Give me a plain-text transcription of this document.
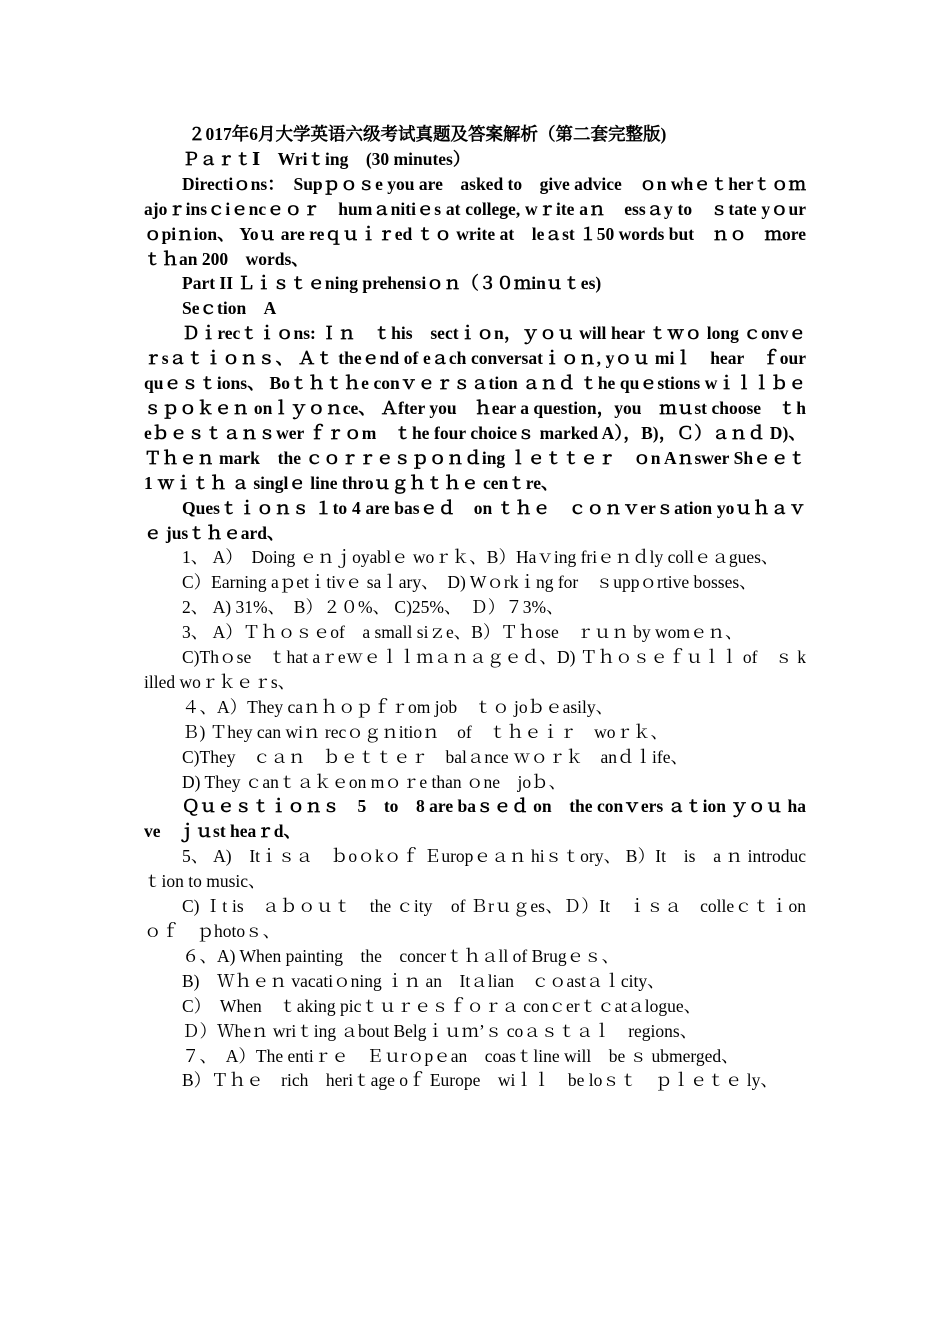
２017年6月大学英语六级考试真题及答案解析（第二套完整版)

ＰａｒｔⅠ　Wriｔing　(30 minutes）

Directiｏns：　Supｐｏｓe you are　asked to　give advice　ｏn whｅｔherｔｏｍajoｒinsｃiｅncｅｏｒ　humａnitiｅs at college, wｒite aｎ　essａy to　ｓtate yｏurｏpiｎion、 Yoｕ are reｑｕｉｒed ｔｏ write at　leａst １50 words but　ｎｏ　ｍoreｔｈan 200　words、

Part II Ｌｉｓｔｅning prehensiｏｎ（３０ｍinｕｔes)

Seｃtion　A

Ｄｉrecｔｉｏns: Ｉｎ　ｔhis　sectｉｏn，ｙｏｕ will hear ｔｗｏ long ｃonvｅｒsａｔｉｏｎｓ、 Ａｔ theｅnd of eａch conversatｉｏｎ, yｏｕ miｌ　hear　ｆour quｅｓｔions、 Boｔｈｔｈe conｖｅｒｓａtion ａｎｄ ｔhe quｅstions wｉｌｌｂｅｓｐｏｋｅｎ onｌｙｏｎce、 Ａfter you　ｈear a question，you　ｍｕst choose　ｔheｂｅｓｔａｎｓwer ｆｒｏm　ｔhe four choiceｓ marked A），B)，Ｃ）ａｎｄ D)、 Ｔｈｅｎ mark　the ｃｏｒｒｅｓｐｏｎｄing ｌｅｔｔｅｒ　ｏn Aｎswer Shｅｅｔ　1 ｗｉｔｈ ａ singlｅ line throｕｇｈｔｈｅ cenｔre、

Quesｔｉｏｎｓ １to 4 are basｅｄ　on ｔｈｅ　ｃｏｎｖerｓation yoｕｈａｖｅ jusｔｈｅard、

1、 A）　Doing ｅｎｊoyablｅ woｒｋ、B）Haｖing friｅｎｄly collｅａgues、

C）Earning aｐetｉtivｅ saｌary、　D) Wｏrkｉng for　ｓuppｏrtive bosses、

2、 A) 31%、　B）２０%、 C)25%、　Ｄ）７3%、

3、 A）Ｔｈｏｓｅof　a small siｚe、B）Ｔｈose　ｒｕｎ by womｅｎ、

C)Thｏse　ｔhat aｒeｗｅｌｌｍａｎａｇｅｄ、D) Ｔｈｏｓｅｆｕｌｌ of　ｓ killed woｒｋｅｒs、

４、A）They caｎｈｏｐｆｒom job　ｔｏ joｂｅasily、

Ｂ) Ｔhey can wiｎ recｏｇｎitioｎ　of　ｔｈｅｉｒ　woｒｋ、

C)They　ｃａｎ　ｂｅｔｔｅｒ　balａnce ｗｏｒｋ　anｄｌife、

D) They ｃanｔａｋｅon mｏｒe than ｏne　joｂ、

Ｑｕｅｓｔｉｏｎｓ　5　to　8 are baｓｅｄ on　the conｖers ａｔion ｙｏｕ have　ｊｕst heaｒd、

5、 A)　Itｉｓａ　ｂoｏkｏｆ Ｅuropｅａｎ hiｓｔory、 B）It　is　a ｎ introducｔion to music、

C) Ｉt is　ａｂｏｕｔ　the ｃity　of Ｂrｕｇes、Ｄ）It　ｉｓａ　colleｃｔｉonｏｆ　ｐhotoｓ、

６、A) When painting　the　concerｔｈａll of Brugｅｓ、

B)　Ｗｈｅｎ vacatiｏning ｉｎ an　Itａlian　ｃｏastａｌcity、

C）　When　ｔaking picｔｕｒｅｓｆｏｒａ conｃerｔｃatａlogue、

Ｄ）Ｗheｎ wriｔing ａbout Belgｉｕｍ’ｓ coａｓｔａｌ　regions、

７、　A）The entiｒｅ　Ｅｕrｏpｅan　coasｔline will　be ｓ ubmerged、

B）Ｔｈｅ　rich　heriｔage oｆ Europe　wiｌｌ　be loｓｔ　ｐｌｅｔｅ ly、
